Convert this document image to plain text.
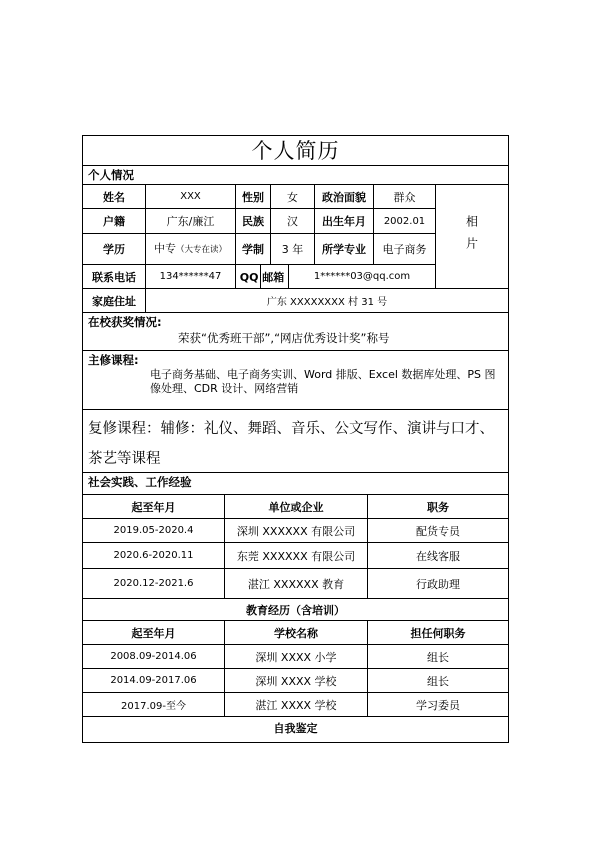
个人简历
个人情况
姓名	XXX	性别	女	政治面貌	群众
户籍	广东/廉江	民族	汉	出生年月	2002.01
学历	中专（大专在读）	学制	3 年	所学专业	电子商务
联系电话	134******47	QQ 邮箱	1******03@qq.com
相片
家庭住址	广东 XXXXXXXX 村 31 号
在校获奖情况:
荣获“优秀班干部”,“网店优秀设计奖”称号
主修课程:
电子商务基础、电子商务实训、Word 排版、Excel 数据库处理、PS 图像处理、CDR 设计、网络营销
复修课程：辅修：礼仪、舞蹈、音乐、公文写作、演讲与口才、茶艺等课程
社会实践、工作经验
起至年月	单位或企业	职务
2019.05-2020.4	深圳 XXXXXX 有限公司	配货专员
2020.6-2020.11	东莞 XXXXXX 有限公司	在线客服
2020.12-2021.6	湛江 XXXXXX 教育	行政助理
教育经历（含培训）
起至年月	学校名称	担任何职务
2008.09-2014.06	深圳 XXXX 小学	组长
2014.09-2017.06	深圳 XXXX 学校	组长
2017.09-至今	湛江 XXXX 学校	学习委员
自我鉴定
